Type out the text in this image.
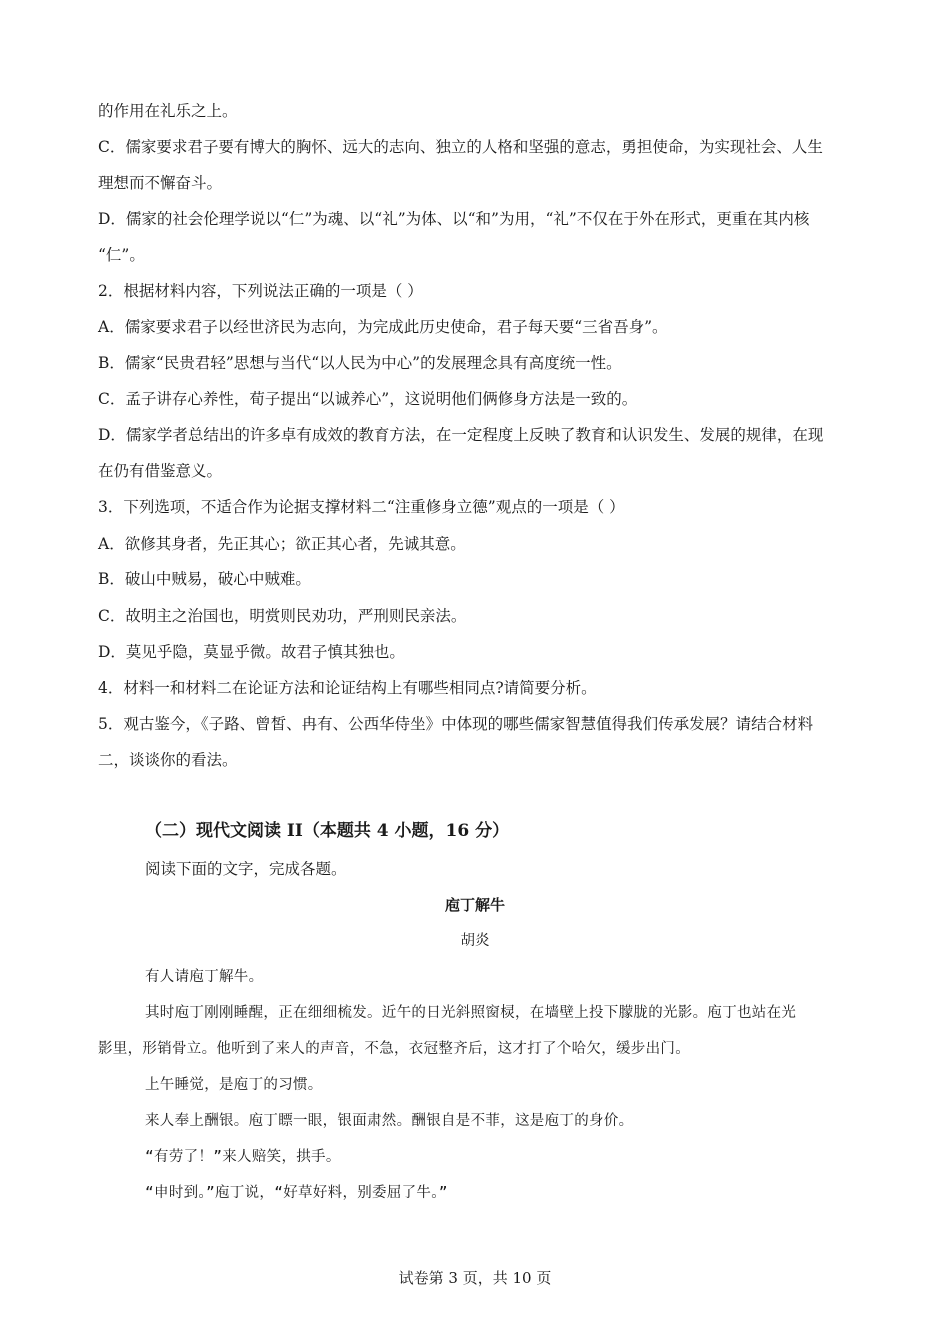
的作用在礼乐之上。
C．儒家要求君子要有博大的胸怀、远大的志向、独立的人格和坚强的意志，勇担使命，为实现社会、人生
理想而不懈奋斗。
D．儒家的社会伦理学说以“仁”为魂、以“礼”为体、以“和”为用，“礼”不仅在于外在形式，更重在其内核
“仁”。
2．根据材料内容，下列说法正确的一项是（ ）
A．儒家要求君子以经世济民为志向，为完成此历史使命，君子每天要“三省吾身”。
B．儒家“民贵君轻”思想与当代“以人民为中心”的发展理念具有高度统一性。
C．孟子讲存心养性，荀子提出“以诚养心”，这说明他们俩修身方法是一致的。
D．儒家学者总结出的许多卓有成效的教育方法，在一定程度上反映了教育和认识发生、发展的规律，在现
在仍有借鉴意义。
3．下列选项，不适合作为论据支撑材料二“注重修身立德”观点的一项是（ ）
A．欲修其身者，先正其心；欲正其心者，先诚其意。
B．破山中贼易，破心中贼难。
C．故明主之治国也，明赏则民劝功，严刑则民亲法。
D．莫见乎隐，莫显乎微。故君子慎其独也。
4．材料一和材料二在论证方法和论证结构上有哪些相同点?请简要分析。
5．观古鉴今，《子路、曾皙、冉有、公西华侍坐》中体现的哪些儒家智慧值得我们传承发展？请结合材料
二，谈谈你的看法。
（二）现代文阅读 II（本题共 4 小题，16 分）
阅读下面的文字，完成各题。
庖丁解牛
胡炎
有人请庖丁解牛。
其时庖丁刚刚睡醒，正在细细梳发。近午的日光斜照窗棂，在墙壁上投下朦胧的光影。庖丁也站在光
影里，形销骨立。他听到了来人的声音，不急，衣冠整齐后，这才打了个哈欠，缓步出门。
上午睡觉，是庖丁的习惯。
来人奉上酬银。庖丁瞟一眼，银面肃然。酬银自是不菲，这是庖丁的身价。
“有劳了！”来人赔笑，拱手。
“申时到。”庖丁说，“好草好料，别委屈了牛。”
试卷第 3 页，共 10 页
